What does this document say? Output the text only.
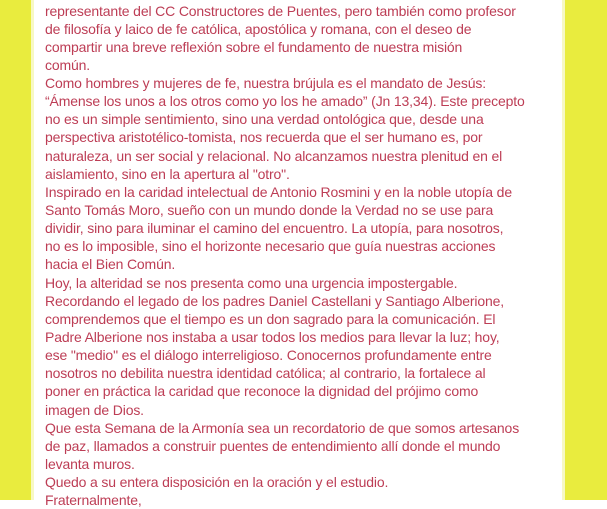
representante del CC Constructores de Puentes, pero también como profesor
de filosofía y laico de fe católica, apostólica y romana, con el deseo de
compartir una breve reflexión sobre el fundamento de nuestra misión
común.
Como hombres y mujeres de fe, nuestra brújula es el mandato de Jesús:
“Ámense los unos a los otros como yo los he amado” (Jn 13,34). Este precepto
no es un simple sentimiento, sino una verdad ontológica que, desde una
perspectiva aristotélico-tomista, nos recuerda que el ser humano es, por
naturaleza, un ser social y relacional. No alcanzamos nuestra plenitud en el
aislamiento, sino en la apertura al "otro".
Inspirado en la caridad intelectual de Antonio Rosmini y en la noble utopía de
Santo Tomás Moro, sueño con un mundo donde la Verdad no se use para
dividir, sino para iluminar el camino del encuentro. La utopía, para nosotros,
no es lo imposible, sino el horizonte necesario que guía nuestras acciones
hacia el Bien Común.
Hoy, la alteridad se nos presenta como una urgencia impostergable.
Recordando el legado de los padres Daniel Castellani y Santiago Alberione,
comprendemos que el tiempo es un don sagrado para la comunicación. El
Padre Alberione nos instaba a usar todos los medios para llevar la luz; hoy,
ese "medio" es el diálogo interreligioso. Conocernos profundamente entre
nosotros no debilita nuestra identidad católica; al contrario, la fortalece al
poner en práctica la caridad que reconoce la dignidad del prójimo como
imagen de Dios.
Que esta Semana de la Armonía sea un recordatorio de que somos artesanos
de paz, llamados a construir puentes de entendimiento allí donde el mundo
levanta muros.
Quedo a su entera disposición en la oración y el estudio.
Fraternalmente,
